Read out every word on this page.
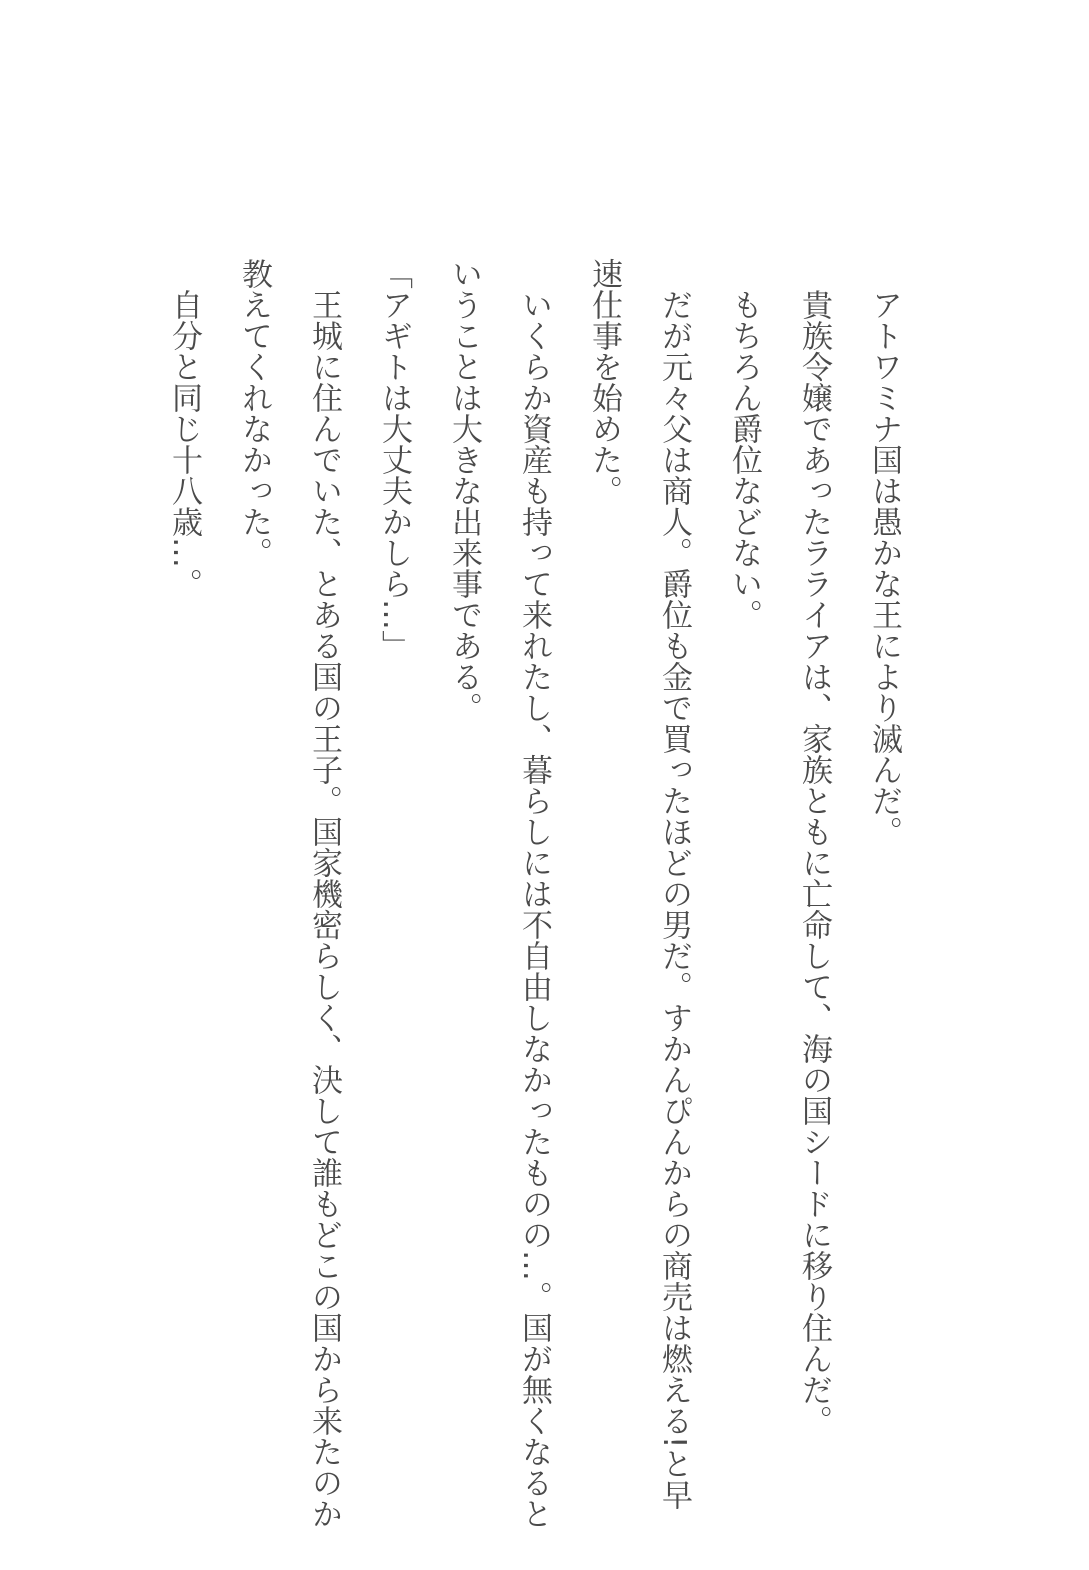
　アトワミナ国は愚かな王により滅んだ。
　貴族令嬢であったラライアは、家族ともに亡命して、海の国シードに移り住んだ。
　もちろん爵位などない。
　だが元々父は商人。爵位も金で買ったほどの男だ。すかんぴんからの商売は燃える!と早
速仕事を始めた。
　いくらか資産も持って来れたし、暮らしには不自由しなかったものの…。国が無くなると
いうことは大きな出来事である。
「アギトは大丈夫かしら…」
　王城に住んでいた、とある国の王子。国家機密らしく、決して誰もどこの国から来たのか
教えてくれなかった。
　自分と同じ十八歳…。
